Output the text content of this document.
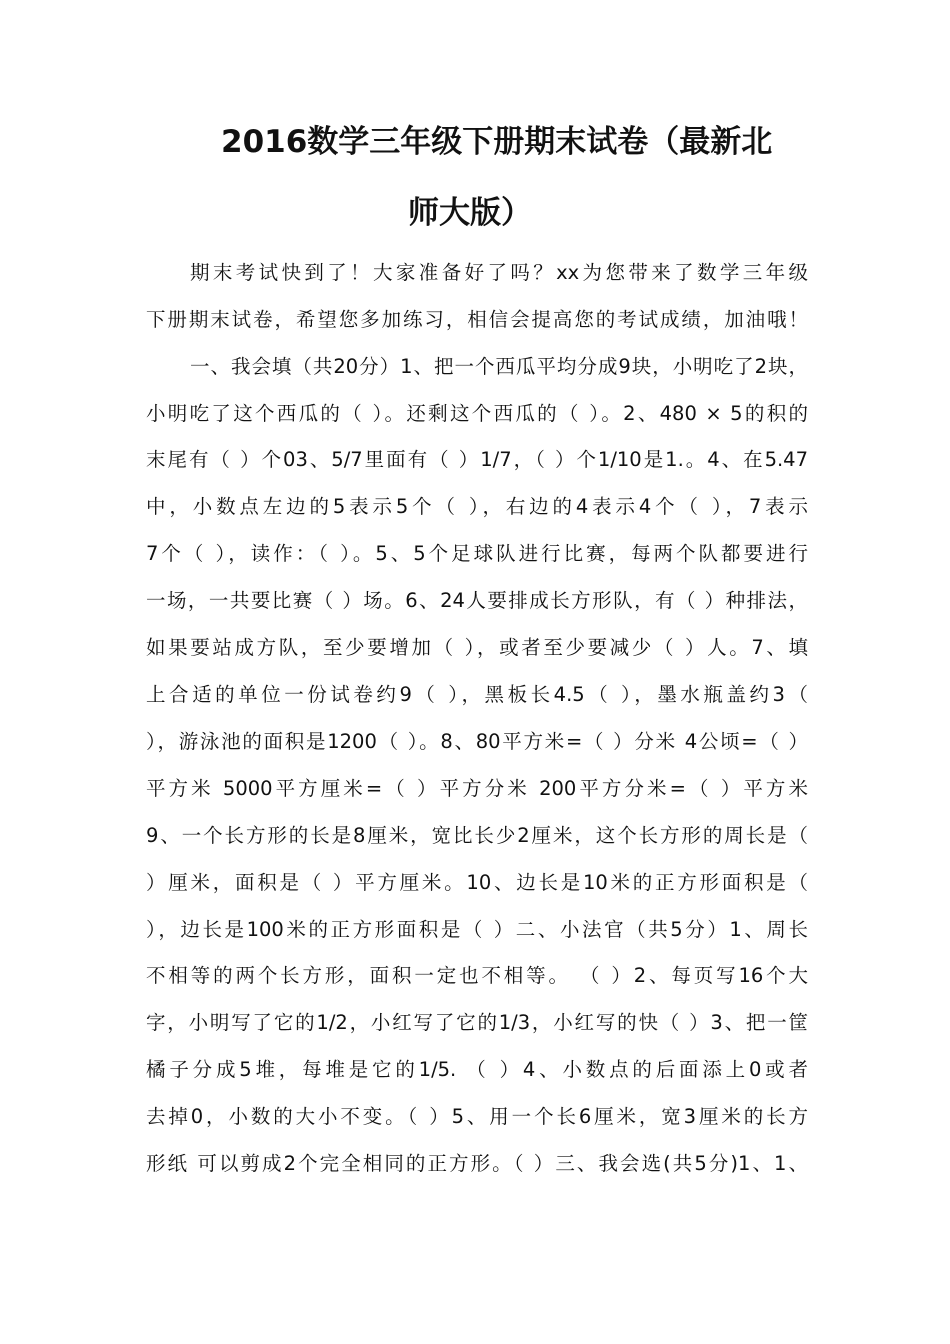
2016数学三年级下册期末试卷（最新北
师大版）
期末考试快到了！大家准备好了吗？xx为您带来了数学三年级
下册期末试卷，希望您多加练习，相信会提高您的考试成绩，加油哦！
一、我会填（共20分）1、把一个西瓜平均分成9块，小明吃了2块，
小明吃了这个西瓜的（ ）。还剩这个西瓜的（ ）。2、480 × 5的积的
末尾有（ ）个03、5/7里面有（ ）1/7，（ ）个1/10是1.。4、在5.47
中，小数点左边的5表示5个（ ），右边的4表示4个（ ），7表示
7个（ ），读作：（ ）。5、5个足球队进行比赛，每两个队都要进行
一场，一共要比赛（ ）场。6、24人要排成长方形队，有（ ）种排法，
如果要站成方队，至少要增加（ ），或者至少要减少（ ）人。7、填
上合适的单位一份试卷约9（ ），黑板长4.5（ ），墨水瓶盖约3（
），游泳池的面积是1200（ ）。8、80平方米=（ ）分米 4公顷=（ ）
平方米 5000平方厘米=（ ）平方分米 200平方分米=（ ）平方米
9、一个长方形的长是8厘米，宽比长少2厘米，这个长方形的周长是（
）厘米，面积是（ ）平方厘米。10、边长是10米的正方形面积是（
），边长是100米的正方形面积是（ ）二、小法官（共5分）1、周长
不相等的两个长方形，面积一定也不相等。 （ ）2、每页写16个大
字，小明写了它的1/2，小红写了它的1/3，小红写的快（ ）3、把一筐
橘子分成5堆，每堆是它的1/5. （ ）4、小数点的后面添上0或者
去掉0，小数的大小不变。（ ）5、用一个长6厘米，宽3厘米的长方
形纸 可以剪成2个完全相同的正方形。（ ）三、我会选(共5分)1、1、
